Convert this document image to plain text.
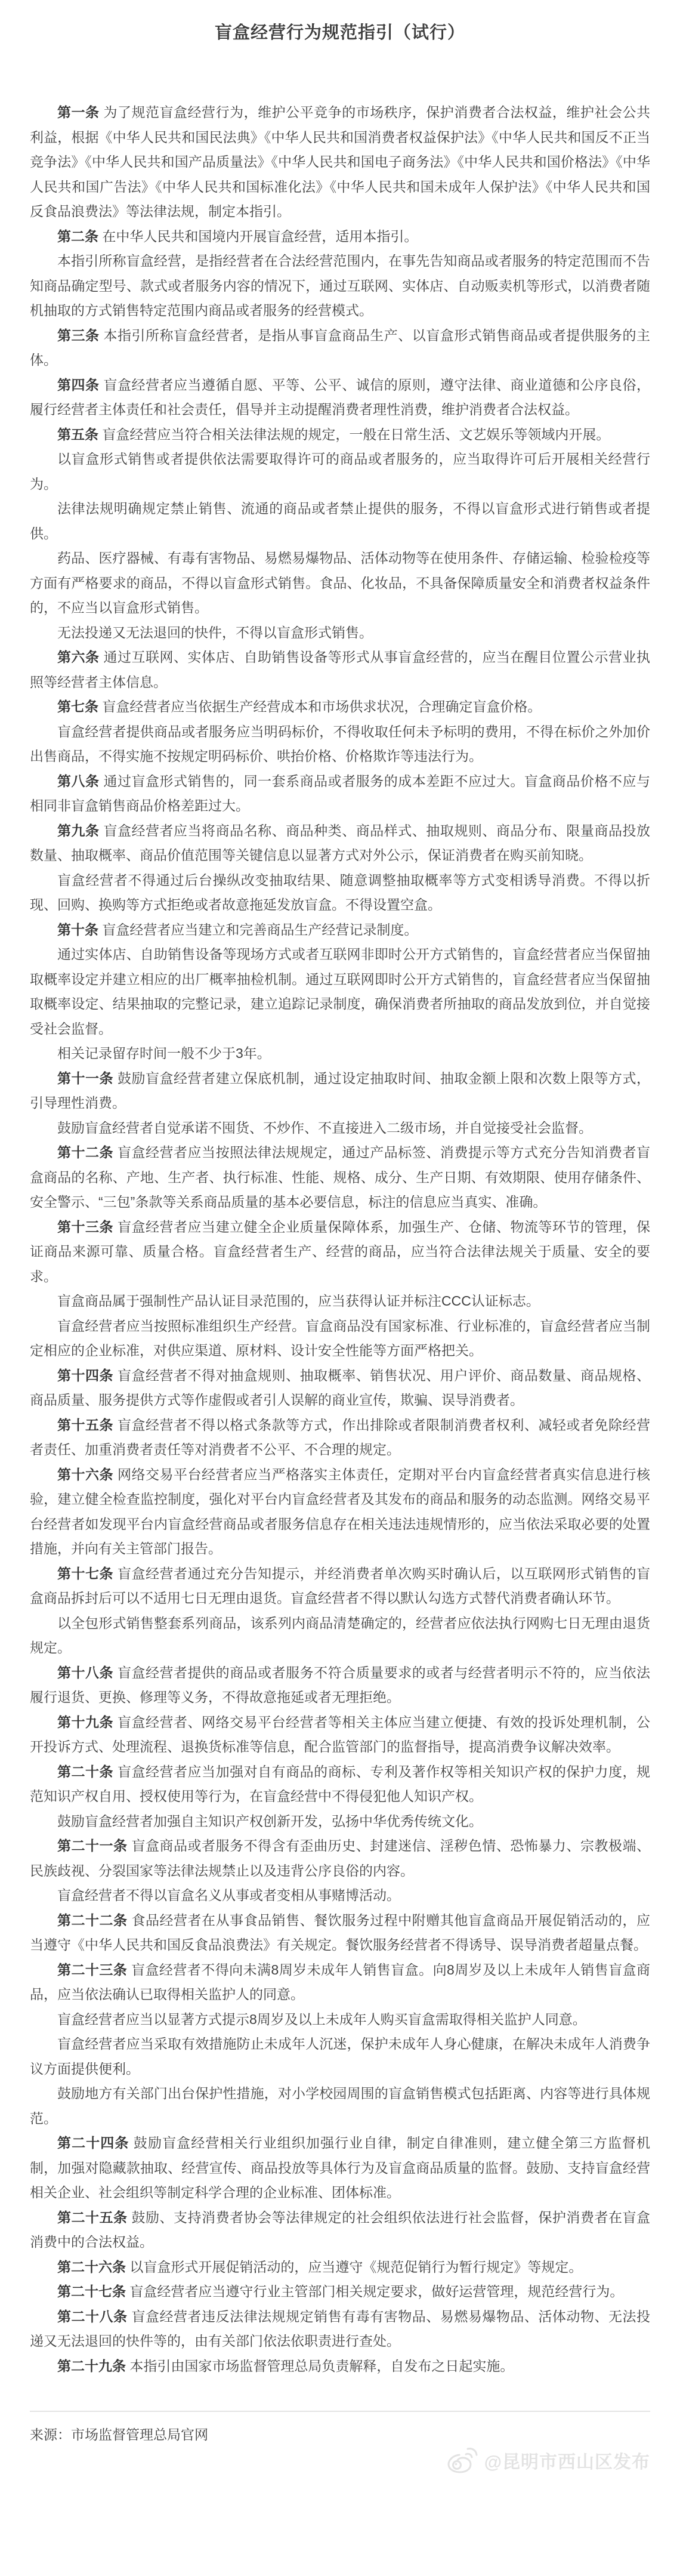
盲盒经营行为规范指引（试行）

第一条 为了规范盲盒经营行为，维护公平竞争的市场秩序，保护消费者合法权益，维护社会公共利益，根据《中华人民共和国民法典》《中华人民共和国消费者权益保护法》《中华人民共和国反不正当竞争法》《中华人民共和国产品质量法》《中华人民共和国电子商务法》《中华人民共和国价格法》《中华人民共和国广告法》《中华人民共和国标准化法》《中华人民共和国未成年人保护法》《中华人民共和国反食品浪费法》等法律法规，制定本指引。

第二条 在中华人民共和国境内开展盲盒经营，适用本指引。

本指引所称盲盒经营，是指经营者在合法经营范围内，在事先告知商品或者服务的特定范围而不告知商品确定型号、款式或者服务内容的情况下，通过互联网、实体店、自动贩卖机等形式，以消费者随机抽取的方式销售特定范围内商品或者服务的经营模式。

第三条 本指引所称盲盒经营者，是指从事盲盒商品生产、以盲盒形式销售商品或者提供服务的主体。

第四条 盲盒经营者应当遵循自愿、平等、公平、诚信的原则，遵守法律、商业道德和公序良俗，履行经营者主体责任和社会责任，倡导并主动提醒消费者理性消费，维护消费者合法权益。

第五条 盲盒经营应当符合相关法律法规的规定，一般在日常生活、文艺娱乐等领域内开展。

以盲盒形式销售或者提供依法需要取得许可的商品或者服务的，应当取得许可后开展相关经营行为。

法律法规明确规定禁止销售、流通的商品或者禁止提供的服务，不得以盲盒形式进行销售或者提供。

药品、医疗器械、有毒有害物品、易燃易爆物品、活体动物等在使用条件、存储运输、检验检疫等方面有严格要求的商品，不得以盲盒形式销售。食品、化妆品，不具备保障质量安全和消费者权益条件的，不应当以盲盒形式销售。

无法投递又无法退回的快件，不得以盲盒形式销售。

第六条 通过互联网、实体店、自助销售设备等形式从事盲盒经营的，应当在醒目位置公示营业执照等经营者主体信息。

第七条 盲盒经营者应当依据生产经营成本和市场供求状况，合理确定盲盒价格。

盲盒经营者提供商品或者服务应当明码标价，不得收取任何未予标明的费用，不得在标价之外加价出售商品，不得实施不按规定明码标价、哄抬价格、价格欺诈等违法行为。

第八条 通过盲盒形式销售的，同一套系商品或者服务的成本差距不应过大。盲盒商品价格不应与相同非盲盒销售商品价格差距过大。

第九条 盲盒经营者应当将商品名称、商品种类、商品样式、抽取规则、商品分布、限量商品投放数量、抽取概率、商品价值范围等关键信息以显著方式对外公示，保证消费者在购买前知晓。

盲盒经营者不得通过后台操纵改变抽取结果、随意调整抽取概率等方式变相诱导消费。不得以折现、回购、换购等方式拒绝或者故意拖延发放盲盒。不得设置空盒。

第十条 盲盒经营者应当建立和完善商品生产经营记录制度。

通过实体店、自助销售设备等现场方式或者互联网非即时公开方式销售的，盲盒经营者应当保留抽取概率设定并建立相应的出厂概率抽检机制。通过互联网即时公开方式销售的，盲盒经营者应当保留抽取概率设定、结果抽取的完整记录，建立追踪记录制度，确保消费者所抽取的商品发放到位，并自觉接受社会监督。

相关记录留存时间一般不少于3年。

第十一条 鼓励盲盒经营者建立保底机制，通过设定抽取时间、抽取金额上限和次数上限等方式，引导理性消费。

鼓励盲盒经营者自觉承诺不囤货、不炒作、不直接进入二级市场，并自觉接受社会监督。

第十二条 盲盒经营者应当按照法律法规规定，通过产品标签、消费提示等方式充分告知消费者盲盒商品的名称、产地、生产者、执行标准、性能、规格、成分、生产日期、有效期限、使用存储条件、安全警示、“三包”条款等关系商品质量的基本必要信息，标注的信息应当真实、准确。

第十三条 盲盒经营者应当建立健全企业质量保障体系，加强生产、仓储、物流等环节的管理，保证商品来源可靠、质量合格。盲盒经营者生产、经营的商品，应当符合法律法规关于质量、安全的要求。

盲盒商品属于强制性产品认证目录范围的，应当获得认证并标注CCC认证标志。

盲盒经营者应当按照标准组织生产经营。盲盒商品没有国家标准、行业标准的，盲盒经营者应当制定相应的企业标准，对供应渠道、原材料、设计安全性能等方面严格把关。

第十四条 盲盒经营者不得对抽盒规则、抽取概率、销售状况、用户评价、商品数量、商品规格、商品质量、服务提供方式等作虚假或者引人误解的商业宣传，欺骗、误导消费者。

第十五条 盲盒经营者不得以格式条款等方式，作出排除或者限制消费者权利、减轻或者免除经营者责任、加重消费者责任等对消费者不公平、不合理的规定。

第十六条 网络交易平台经营者应当严格落实主体责任，定期对平台内盲盒经营者真实信息进行核验，建立健全检查监控制度，强化对平台内盲盒经营者及其发布的商品和服务的动态监测。网络交易平台经营者如发现平台内盲盒经营商品或者服务信息存在相关违法违规情形的，应当依法采取必要的处置措施，并向有关主管部门报告。

第十七条 盲盒经营者通过充分告知提示，并经消费者单次购买时确认后，以互联网形式销售的盲盒商品拆封后可以不适用七日无理由退货。盲盒经营者不得以默认勾选方式替代消费者确认环节。

以全包形式销售整套系列商品，该系列内商品清楚确定的，经营者应依法执行网购七日无理由退货规定。

第十八条 盲盒经营者提供的商品或者服务不符合质量要求的或者与经营者明示不符的，应当依法履行退货、更换、修理等义务，不得故意拖延或者无理拒绝。

第十九条 盲盒经营者、网络交易平台经营者等相关主体应当建立便捷、有效的投诉处理机制，公开投诉方式、处理流程、退换货标准等信息，配合监管部门的监督指导，提高消费争议解决效率。

第二十条 盲盒经营者应当加强对自有商品的商标、专利及著作权等相关知识产权的保护力度，规范知识产权自用、授权使用等行为，在盲盒经营中不得侵犯他人知识产权。

鼓励盲盒经营者加强自主知识产权创新开发，弘扬中华优秀传统文化。

第二十一条 盲盒商品或者服务不得含有歪曲历史、封建迷信、淫秽色情、恐怖暴力、宗教极端、民族歧视、分裂国家等法律法规禁止以及违背公序良俗的内容。

盲盒经营者不得以盲盒名义从事或者变相从事赌博活动。

第二十二条 食品经营者在从事食品销售、餐饮服务过程中附赠其他盲盒商品开展促销活动的，应当遵守《中华人民共和国反食品浪费法》有关规定。餐饮服务经营者不得诱导、误导消费者超量点餐。

第二十三条 盲盒经营者不得向未满8周岁未成年人销售盲盒。向8周岁及以上未成年人销售盲盒商品，应当依法确认已取得相关监护人的同意。

盲盒经营者应当以显著方式提示8周岁及以上未成年人购买盲盒需取得相关监护人同意。

盲盒经营者应当采取有效措施防止未成年人沉迷，保护未成年人身心健康，在解决未成年人消费争议方面提供便利。

鼓励地方有关部门出台保护性措施，对小学校园周围的盲盒销售模式包括距离、内容等进行具体规范。

第二十四条 鼓励盲盒经营相关行业组织加强行业自律，制定自律准则，建立健全第三方监督机制，加强对隐藏款抽取、经营宣传、商品投放等具体行为及盲盒商品质量的监督。鼓励、支持盲盒经营相关企业、社会组织等制定科学合理的企业标准、团体标准。

第二十五条 鼓励、支持消费者协会等法律规定的社会组织依法进行社会监督，保护消费者在盲盒消费中的合法权益。

第二十六条 以盲盒形式开展促销活动的，应当遵守《规范促销行为暂行规定》等规定。

第二十七条 盲盒经营者应当遵守行业主管部门相关规定要求，做好运营管理，规范经营行为。

第二十八条 盲盒经营者违反法律法规规定销售有毒有害物品、易燃易爆物品、活体动物、无法投递又无法退回的快件等的，由有关部门依法依职责进行查处。

第二十九条 本指引由国家市场监督管理总局负责解释，自发布之日起实施。

来源：市场监督管理总局官网
@昆明市西山区发布
